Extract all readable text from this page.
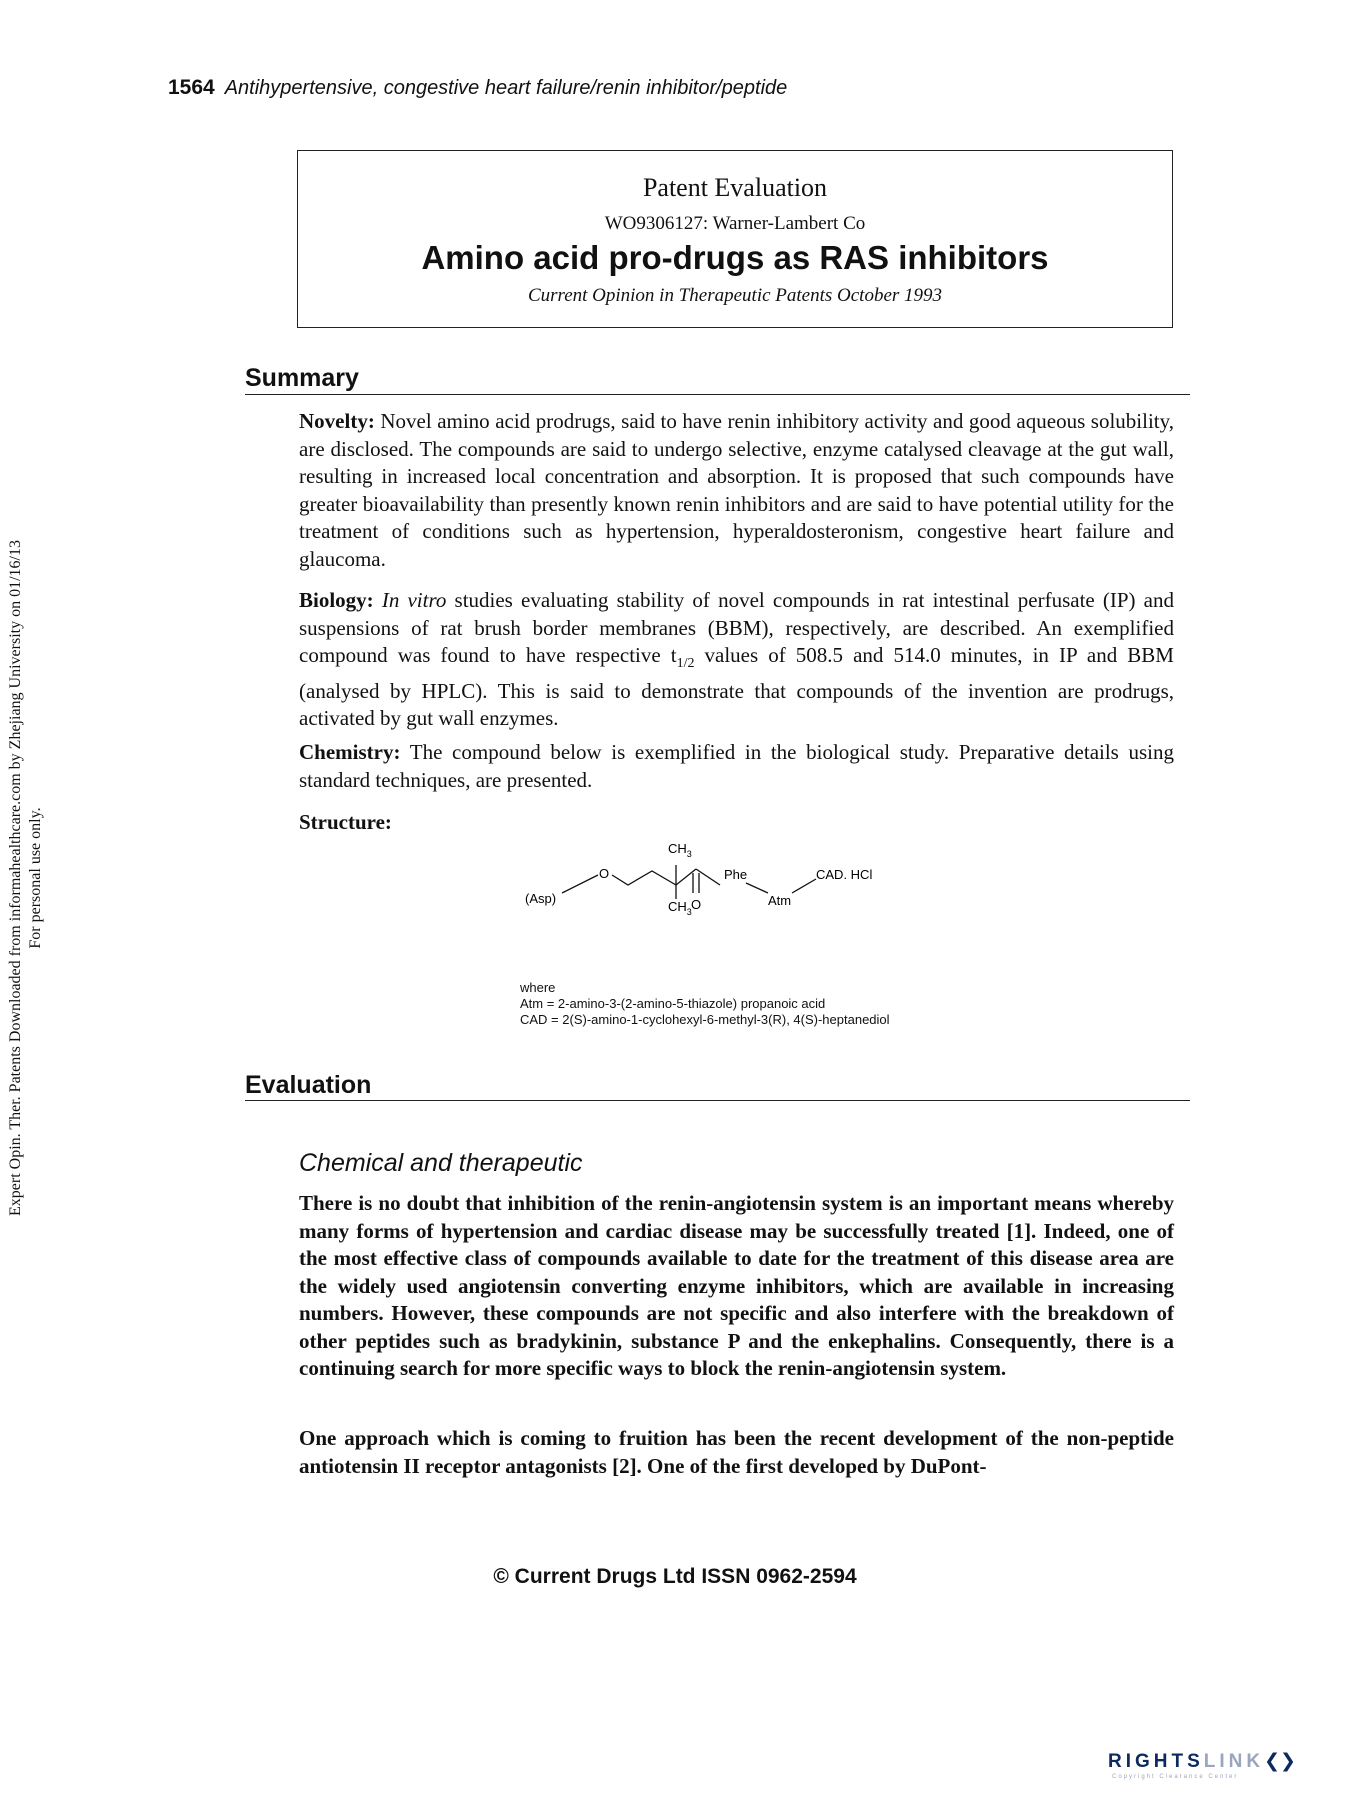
1564 Antihypertensive, congestive heart failure/renin inhibitor/peptide
Patent Evaluation
WO9306127: Warner-Lambert Co
Amino acid pro-drugs as RAS inhibitors
Current Opinion in Therapeutic Patents October 1993
Summary
Novelty: Novel amino acid prodrugs, said to have renin inhibitory activity and good aqueous solubility, are disclosed. The compounds are said to undergo selective, enzyme catalysed cleavage at the gut wall, resulting in increased local concentration and absorption. It is proposed that such compounds have greater bioavailability than presently known renin inhibitors and are said to have potential utility for the treatment of conditions such as hypertension, hyperaldosteronism, congestive heart failure and glaucoma.
Biology: In vitro studies evaluating stability of novel compounds in rat intestinal perfusate (IP) and suspensions of rat brush border membranes (BBM), respectively, are described. An exemplified compound was found to have respective $t_{1/2}$ values of 508.5 and 514.0 minutes, in IP and BBM (analysed by HPLC). This is said to demonstrate that compounds of the invention are prodrugs, activated by gut wall enzymes.
Chemistry: The compound below is exemplified in the biological study. Preparative details using standard techniques, are presented.
Structure:
(Asp)
O
$CH_3$
$CH_3$ O
Phe
Atm
CAD. HCl
where
Atm = 2-amino-3-(2-amino-5-thiazole) propanoic acid
CAD = 2(S)-amino-1-cyclohexyl-6-methyl-3(R), 4(S)-heptanediol
Evaluation
Chemical and therapeutic
There is no doubt that inhibition of the renin-angiotensin system is an important means whereby many forms of hypertension and cardiac disease may be successfully treated [1]. Indeed, one of the most effective class of compounds available to date for the treatment of this disease area are the widely used angiotensin converting enzyme inhibitors, which are available in increasing numbers. However, these compounds are not specific and also interfere with the breakdown of other peptides such as bradykinin, substance P and the enkephalins. Consequently, there is a continuing search for more specific ways to block the renin-angiotensin system.
One approach which is coming to fruition has been the recent development of the non-peptide antiotensin II receptor antagonists [2]. One of the first developed by DuPont-
© Current Drugs Ltd ISSN 0962-2594
Expert Opin. Ther. Patents Downloaded from informahealthcare.com by Zhejiang University on 01/16/13 For personal use only.
RIGHTSLINK❮❯
Copyright Clearance Center
